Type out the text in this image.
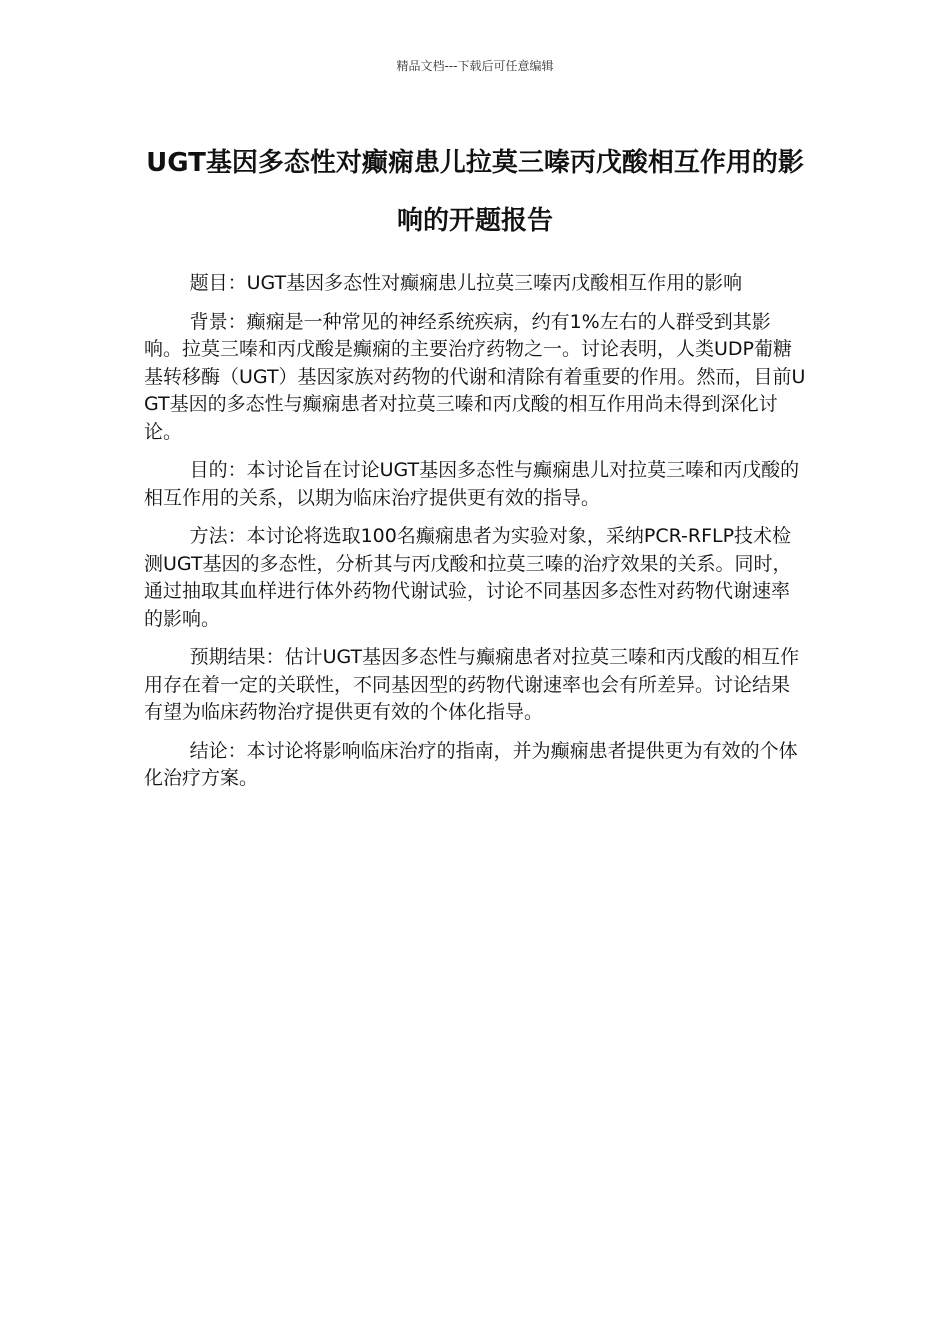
精品文档---下载后可任意编辑
UGT基因多态性对癫痫患儿拉莫三嗪丙戊酸相互作用的影响的开题报告

题目：UGT基因多态性对癫痫患儿拉莫三嗪丙戊酸相互作用的影响

背景：癫痫是一种常见的神经系统疾病，约有1%左右的人群受到其影响。拉莫三嗪和丙戊酸是癫痫的主要治疗药物之一。讨论表明，人类UDP葡糖基转移酶（UGT）基因家族对药物的代谢和清除有着重要的作用。然而，目前UGT基因的多态性与癫痫患者对拉莫三嗪和丙戊酸的相互作用尚未得到深化讨论。

目的：本讨论旨在讨论UGT基因多态性与癫痫患儿对拉莫三嗪和丙戊酸的相互作用的关系，以期为临床治疗提供更有效的指导。

方法：本讨论将选取100名癫痫患者为实验对象，采纳PCR-RFLP技术检测UGT基因的多态性，分析其与丙戊酸和拉莫三嗪的治疗效果的关系。同时，通过抽取其血样进行体外药物代谢试验，讨论不同基因多态性对药物代谢速率的影响。

预期结果：估计UGT基因多态性与癫痫患者对拉莫三嗪和丙戊酸的相互作用存在着一定的关联性，不同基因型的药物代谢速率也会有所差异。讨论结果有望为临床药物治疗提供更有效的个体化指导。

结论：本讨论将影响临床治疗的指南，并为癫痫患者提供更为有效的个体化治疗方案。
